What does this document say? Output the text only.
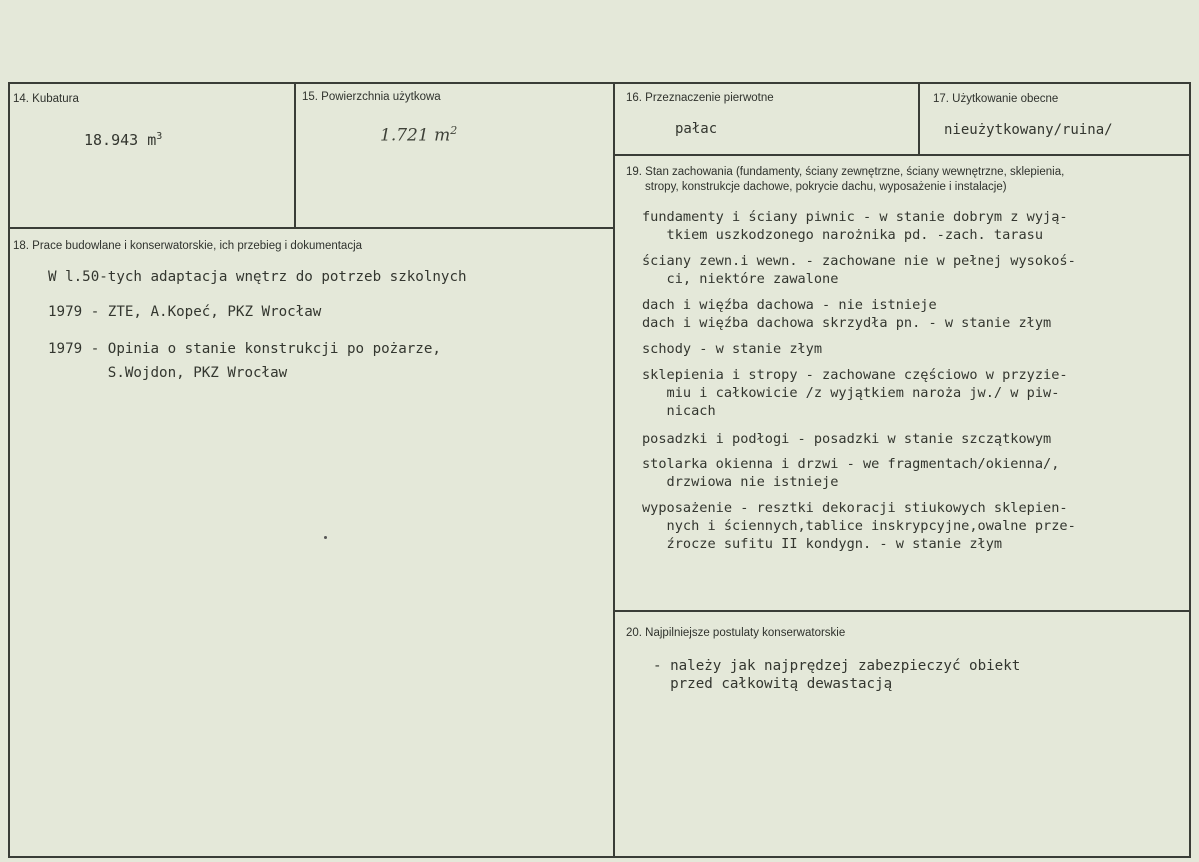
14. Kubatura
18.943 $m^3$
15. Powierzchnia użytkowa
1.721 $m^2$
16. Przeznaczenie pierwotne
pałac
17. Użytkowanie obecne
nieużytkowany/ruina/
19. Stan zachowania (fundamenty, ściany zewnętrzne, ściany wewnętrzne, sklepienia,
stropy, konstrukcje dachowe, pokrycie dachu, wyposażenie i instalacje)
fundamenty i ściany piwnic - w stanie dobrym z wyją-
tkiem uszkodzonego narożnika pd. -zach. tarasu
ściany zewn.i wewn. - zachowane nie w pełnej wysokoś-
ci, niektóre zawalone
dach i więźba dachowa - nie istnieje
dach i więźba dachowa skrzydła pn. - w stanie złym
schody - w stanie złym
sklepienia i stropy - zachowane częściowo w przyzie-
miu i całkowicie /z wyjątkiem naroża jw./ w piw-
nicach
posadzki i podłogi - posadzki w stanie szczątkowym
stolarka okienna i drzwi - we fragmentach/okienna/,
drzwiowa nie istnieje
wyposażenie - resztki dekoracji stiukowych sklepien-
nych i ściennych,tablice inskrypcyjne,owalne prze-
źrocze sufitu II kondygn. - w stanie złym
18. Prace budowlane i konserwatorskie, ich przebieg i dokumentacja
W l.50-tych adaptacja wnętrz do potrzeb szkolnych
1979 - ZTE, A.Kopeć, PKZ Wrocław
1979 - Opinia o stanie konstrukcji po pożarze,
S.Wojdon, PKZ Wrocław
20. Najpilniejsze postulaty konserwatorskie
- należy jak najprędzej zabezpieczyć obiekt
przed całkowitą dewastacją
